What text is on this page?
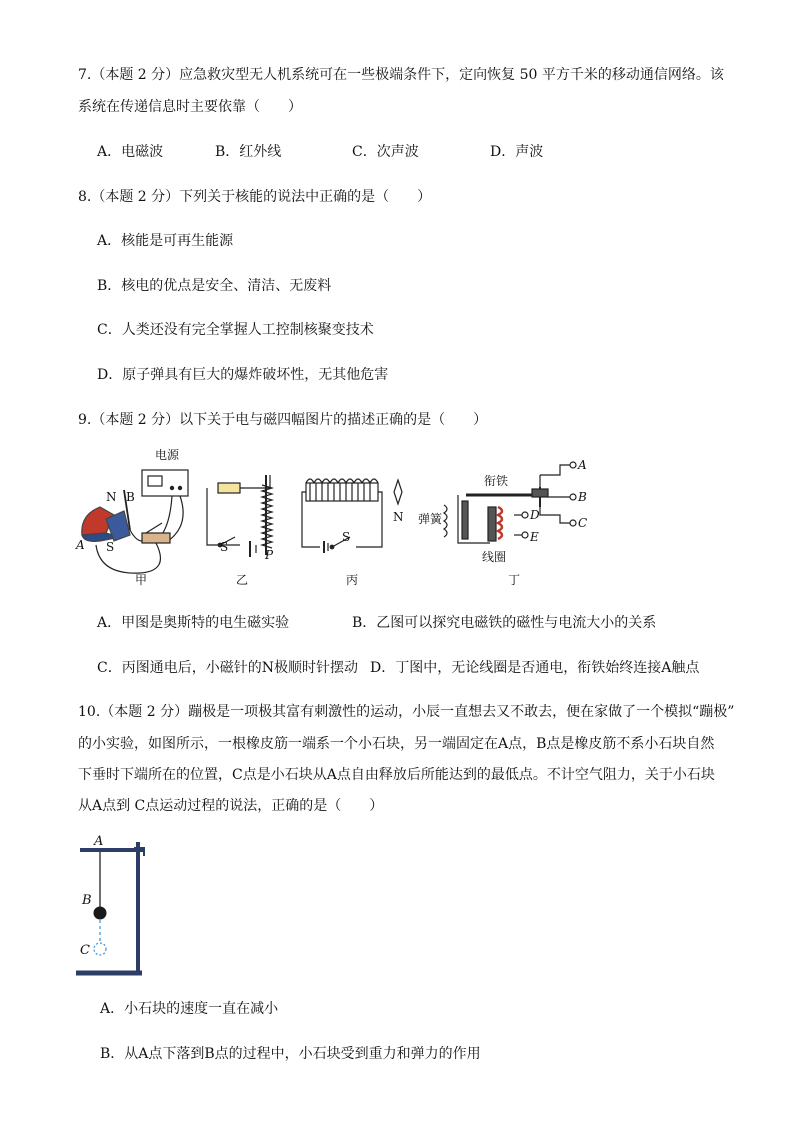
7.（本题 2 分）应急救灾型无人机系统可在一些极端条件下，定向恢复 50 平方千米的移动通信网络。该
系统在传递信息时主要依靠（　　）
A．电磁波	B．红外线	C．次声波	D．声波
8.（本题 2 分）下列关于核能的说法中正确的是（　　）
A．核能是可再生能源
B．核电的优点是安全、清洁、无废料
C．人类还没有完全掌握人工控制核聚变技术
D．原子弹具有巨大的爆炸破坏性，无其他危害
9.（本题 2 分）以下关于电与磁四幅图片的描述正确的是（　　）
电源
N B
A S	S
P
N
S
衔铁
弹簧
线圈
A
B
C
D
E
甲	乙	丙	丁
A．甲图是奥斯特的电生磁实验	B．乙图可以探究电磁铁的磁性与电流大小的关系
C．丙图通电后，小磁针的N极顺时针摆动 D．丁图中，无论线圈是否通电，衔铁始终连接A触点
10.（本题 2 分）蹦极是一项极其富有刺激性的运动，小辰一直想去又不敢去，便在家做了一个模拟“蹦极”
的小实验，如图所示，一根橡皮筋一端系一个小石块，另一端固定在A点，B点是橡皮筋不系小石块自然
下垂时下端所在的位置，C点是小石块从A点自由释放后所能达到的最低点。不计空气阻力，关于小石块
从A点到 C点运动过程的说法，正确的是（　　）
A
B
C
A．小石块的速度一直在减小
B．从A点下落到B点的过程中，小石块受到重力和弹力的作用
